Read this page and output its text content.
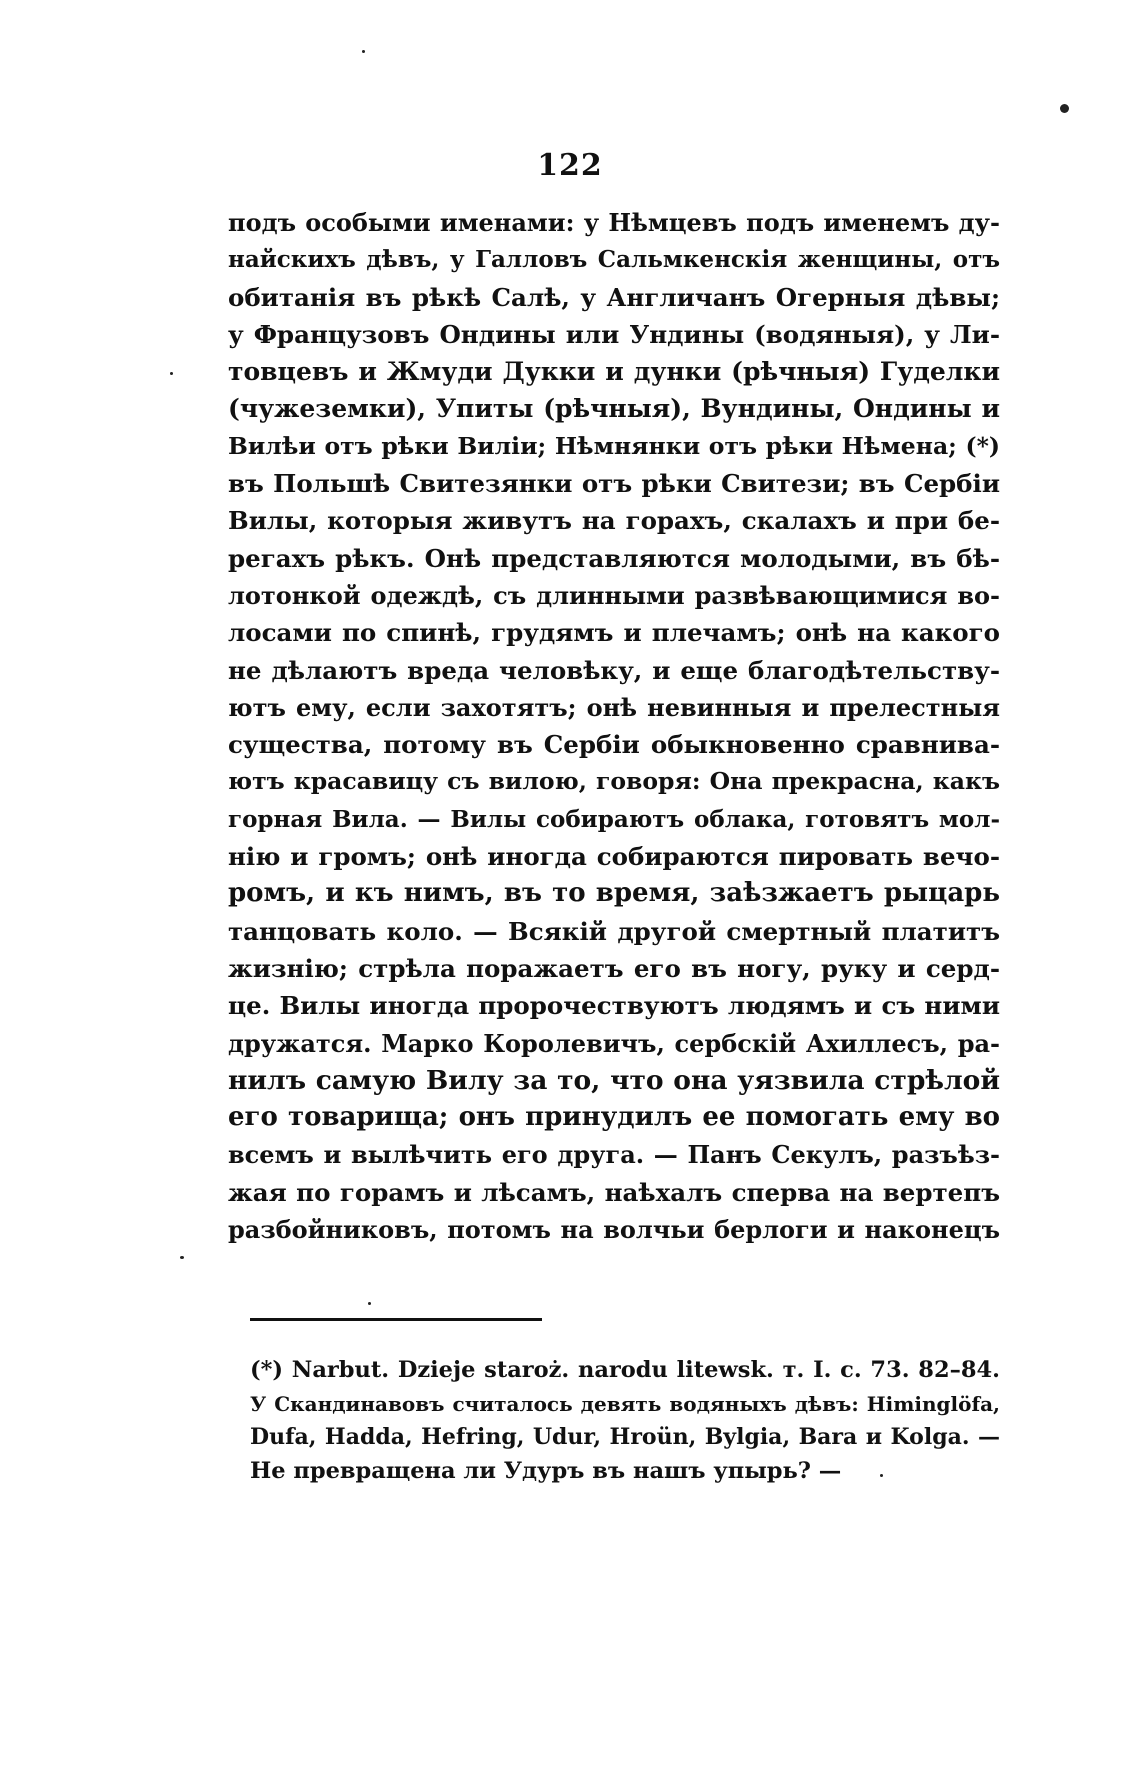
122
подъ особыми именами: у Нѣмцевъ подъ именемъ ду-
найскихъ дѣвъ, у Галловъ Сальмкенскія женщины, отъ
обитанія въ рѣкѣ Салѣ, у Англичанъ Огерныя дѣвы;
у Французовъ Ондины или Ундины (водяныя), у Ли-
товцевъ и Жмуди Дукки и дунки (рѣчныя) Гуделки
(чужеземки), Упиты (рѣчныя), Вундины, Ондины и
Вилѣи отъ рѣки Виліи; Нѣмнянки отъ рѣки Нѣмена; (*)
въ Польшѣ Свитезянки отъ рѣки Свитези; въ Сербіи
Вилы, которыя живутъ на горахъ, скалахъ и при бе-
регахъ рѣкъ. Онѣ представляются молодыми, въ бѣ-
лотонкой одеждѣ, съ длинными развѣвающимися во-
лосами по спинѣ, грудямъ и плечамъ; онѣ на какого
не дѣлаютъ вреда человѣку, и еще благодѣтельству-
ютъ ему, если захотятъ; онѣ невинныя и прелестныя
существа, потому въ Сербіи обыкновенно сравнива-
ютъ красавицу съ вилою, говоря: Она прекрасна, какъ
горная Вила. — Вилы собираютъ облака, готовятъ мол-
нію и громъ; онѣ иногда собираются пировать вечо-
ромъ, и къ нимъ, въ то время, заѣзжаетъ рыцарь
танцовать коло. — Всякій другой смертный платитъ
жизнію; стрѣла поражаетъ его въ ногу, руку и серд-
це. Вилы иногда пророчествуютъ людямъ и съ ними
дружатся. Марко Королевичъ, сербскій Ахиллесъ, ра-
нилъ самую Вилу за то, что она уязвила стрѣлой
его товарища; онъ принудилъ ее помогать ему во
всемъ и вылѣчить его друга. — Панъ Секулъ, разъѣз-
жая по горамъ и лѣсамъ, наѣхалъ сперва на вертепъ
разбойниковъ, потомъ на волчьи берлоги и наконецъ
(*) Narbut. Dzieje staroż. narodu litewsk. т. I. с. 73. 82–84.
У Скандинавовъ считалось девять водяныхъ дѣвъ: Himinglöfa,
Dufa, Hadda, Hefring, Udur, Hroün, Bylgia, Bara и Kolga. —
Не превращена ли Удуръ въ нашъ упырь? —
